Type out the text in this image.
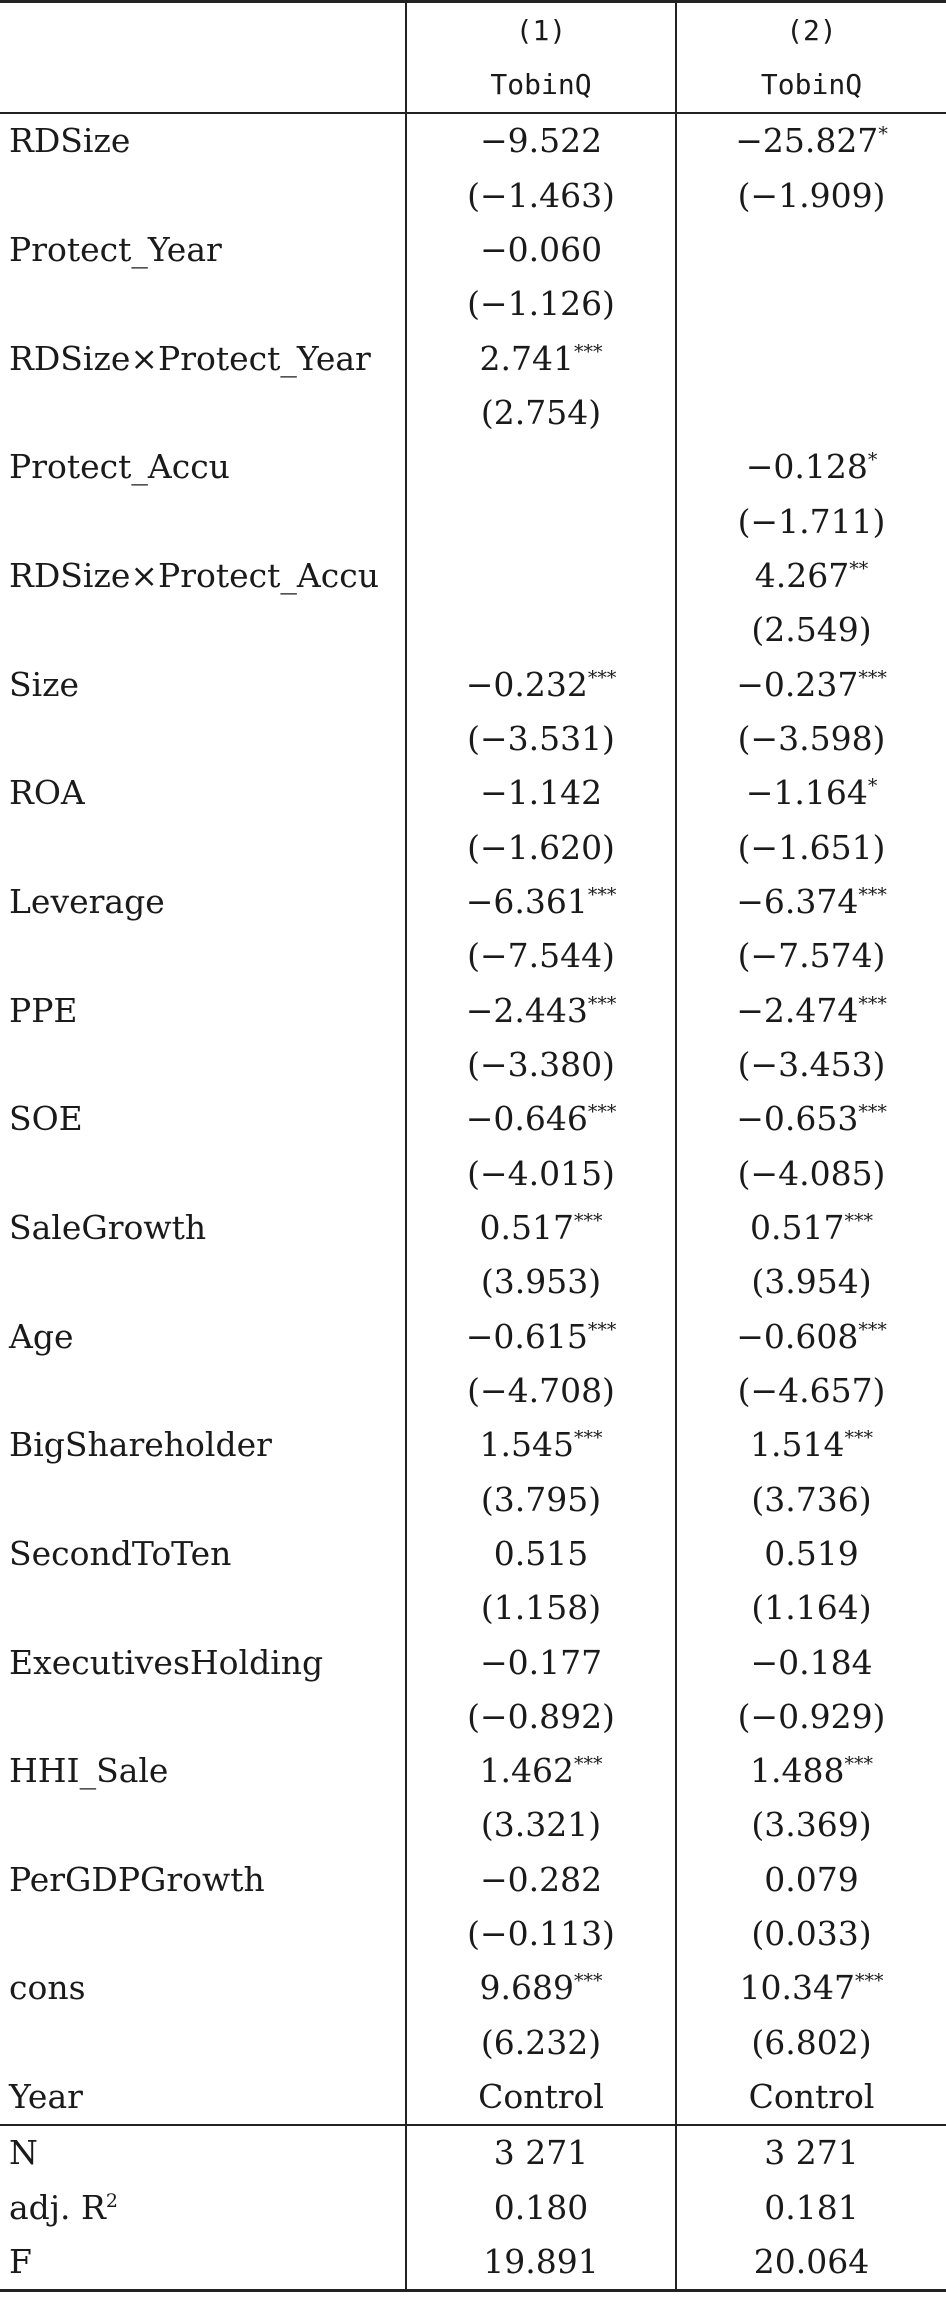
	(1)	(2)
	TobinQ	TobinQ
RDSize	−9.522	−25.827*
	(−1.463)	(−1.909)
Protect_Year	−0.060	
	(−1.126)	
RDSize×Protect_Year	2.741***	
	(2.754)	
Protect_Accu		−0.128*
		(−1.711)
RDSize×Protect_Accu		4.267**
		(2.549)
Size	−0.232***	−0.237***
	(−3.531)	(−3.598)
ROA	−1.142	−1.164*
	(−1.620)	(−1.651)
Leverage	−6.361***	−6.374***
	(−7.544)	(−7.574)
PPE	−2.443***	−2.474***
	(−3.380)	(−3.453)
SOE	−0.646***	−0.653***
	(−4.015)	(−4.085)
SaleGrowth	0.517***	0.517***
	(3.953)	(3.954)
Age	−0.615***	−0.608***
	(−4.708)	(−4.657)
BigShareholder	1.545***	1.514***
	(3.795)	(3.736)
SecondToTen	0.515	0.519
	(1.158)	(1.164)
ExecutivesHolding	−0.177	−0.184
	(−0.892)	(−0.929)
HHI_Sale	1.462***	1.488***
	(3.321)	(3.369)
PerGDPGrowth	−0.282	0.079
	(−0.113)	(0.033)
cons	9.689***	10.347***
	(6.232)	(6.802)
Year	Control	Control
N	3 271	3 271
adj. $R^2$	0.180	0.181
F	19.891	20.064
